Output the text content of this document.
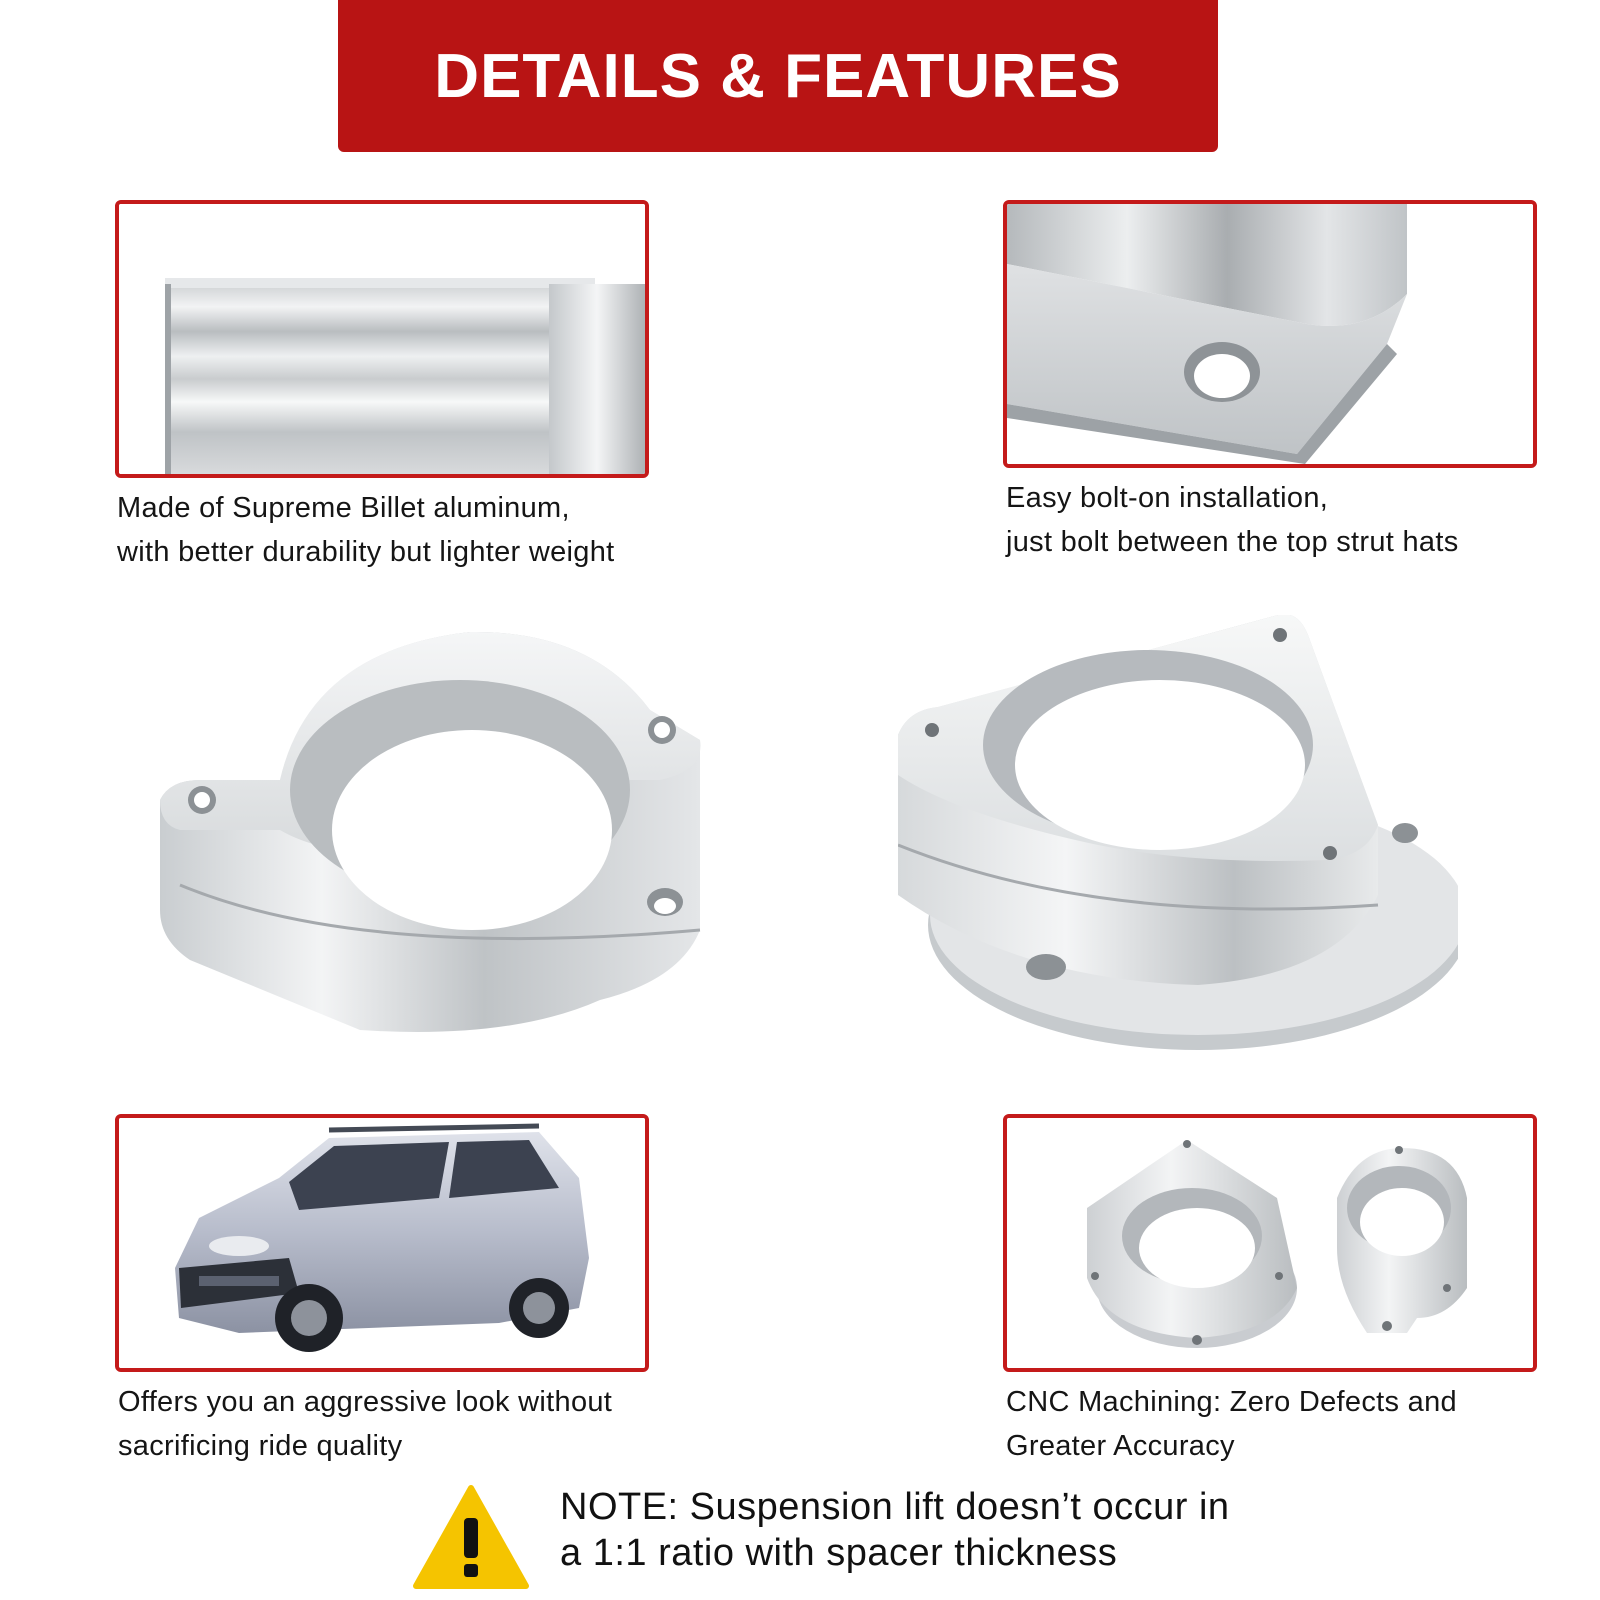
DETAILS & FEATURES
Made of Supreme Billet aluminum,
with better durability but lighter weight
Easy bolt-on installation,
just bolt between the top strut hats
Offers you an aggressive look without
sacrificing ride quality
CNC Machining: Zero Defects and
Greater Accuracy
NOTE: Suspension lift doesn’t occur in
a 1:1 ratio with spacer thickness
